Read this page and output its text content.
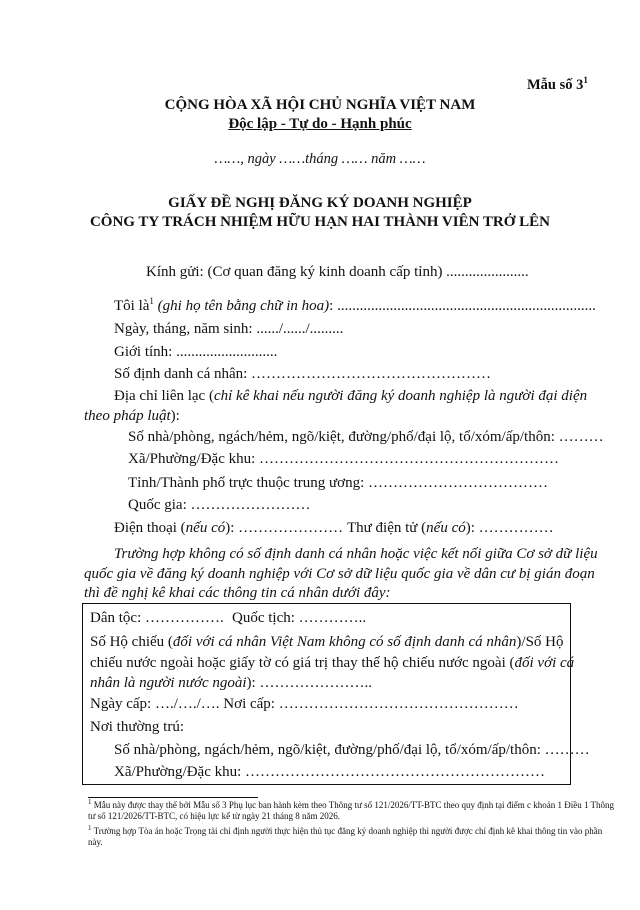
Mẫu số $3^1$
CỘNG HÒA XÃ HỘI CHỦ NGHĨA VIỆT NAM
Độc lập - Tự do - Hạnh phúc
……, ngày ……tháng …… năm ……
GIẤY ĐỀ NGHỊ ĐĂNG KÝ DOANH NGHIỆP
CÔNG TY TRÁCH NHIỆM HỮU HẠN HAI THÀNH VIÊN TRỞ LÊN
Kính gửi: (Cơ quan đăng ký kinh doanh cấp tỉnh) ......................
Tôi $là^1$ (ghi họ tên bằng chữ in hoa): .....................................................................
Ngày, tháng, năm sinh: ....../....../.........
Giới tính: ...........................
Số định danh cá nhân: …………………………………………
Địa chỉ liên lạc (chỉ kê khai nếu người đăng ký doanh nghiệp là người đại diện
theo pháp luật):
Số nhà/phòng, ngách/hẻm, ngõ/kiệt, đường/phố/đại lộ, tổ/xóm/ấp/thôn: ………
Xã/Phường/Đặc khu: ……………………………………………………
Tỉnh/Thành phố trực thuộc trung ương: ………………………………
Quốc gia: ……………………
Điện thoại (nếu có): ………………… Thư điện tử (nếu có): ……………
Trường hợp không có số định danh cá nhân hoặc việc kết nối giữa Cơ sở dữ liệu
quốc gia về đăng ký doanh nghiệp với Cơ sở dữ liệu quốc gia về dân cư bị gián đoạn
thì đề nghị kê khai các thông tin cá nhân dưới đây:
Dân tộc: ……………. Quốc tịch: …………..
Số Hộ chiếu (đối với cá nhân Việt Nam không có số định danh cá nhân)/Số Hộ
chiếu nước ngoài hoặc giấy tờ có giá trị thay thế hộ chiếu nước ngoài (đối với cá
nhân là người nước ngoài): …………………..
Ngày cấp: …./…./…. Nơi cấp: …………………………………………
Nơi thường trú:
Số nhà/phòng, ngách/hẻm, ngõ/kiệt, đường/phố/đại lộ, tổ/xóm/ấp/thôn: ………
Xã/Phường/Đặc khu: ……………………………………………………
$^1$ Mẫu này được thay thế bởi Mẫu số 3 Phụ lục ban hành kèm theo Thông tư số 121/2026/TT-BTC theo quy định tại điểm c khoản 1 Điều 1 Thông tư số 121/2026/TT-BTC, có hiệu lực kể từ ngày 21 tháng 8 năm 2026.
$^1$ Trường hợp Tòa án hoặc Trọng tài chỉ định người thực hiện thủ tục đăng ký doanh nghiệp thì người được chỉ định kê khai thông tin vào phần này.
